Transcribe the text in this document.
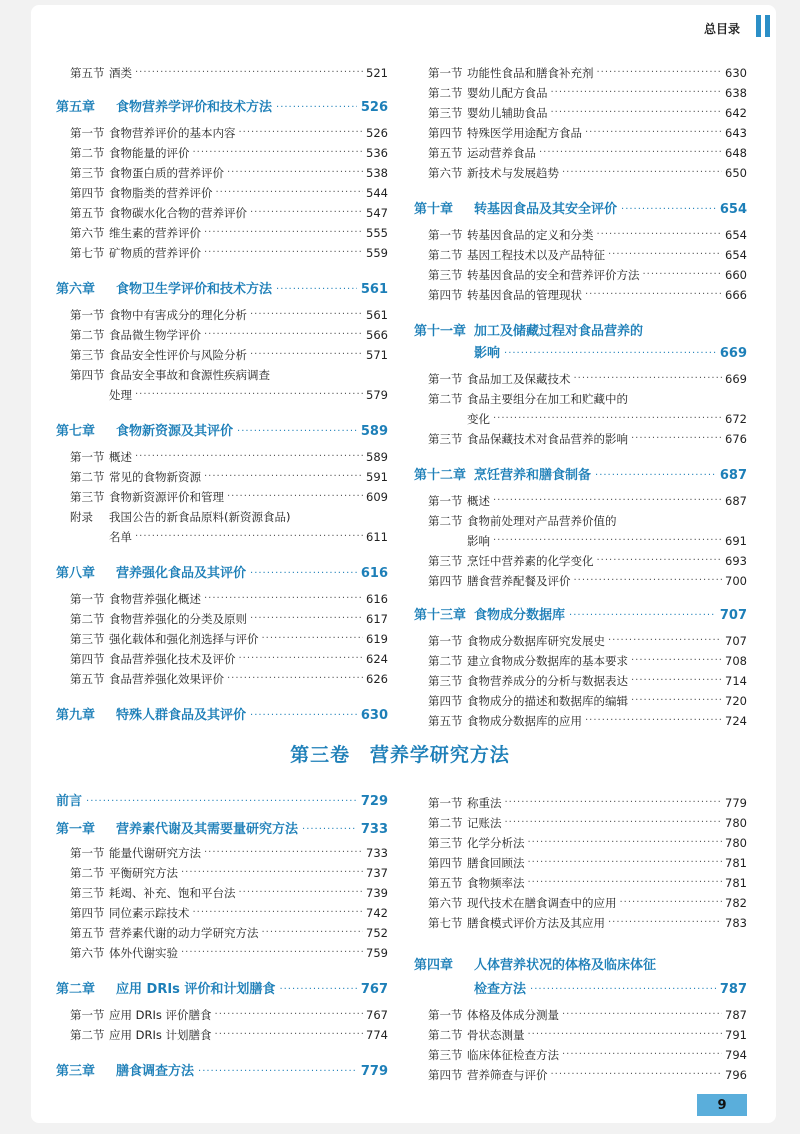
总目录
第五节 酒类 ·····	521
第五章	食物营养学评价和技术方法 ·····	526
第一节 食物营养评价的基本内容 ·····	526
第二节 食物能量的评价 ·····	536
第三节 食物蛋白质的营养评价 ·····	538
第四节 食物脂类的营养评价 ·····	544
第五节 食物碳水化合物的营养评价 ·····	547
第六节 维生素的营养评价 ·····	555
第七节 矿物质的营养评价 ·····	559
第六章	食物卫生学评价和技术方法 ·····	561
第一节 食物中有害成分的理化分析 ·····	561
第二节 食品微生物学评价 ·····	566
第三节 食品安全性评价与风险分析 ·····	571
第四节 食品安全事故和食源性疾病调查
处理 ·····	579
第七章	食物新资源及其评价 ·····	589
第一节 概述 ·····	589
第二节 常见的食物新资源 ·····	591
第三节 食物新资源评价和管理 ·····	609
附录	我国公告的新食品原料(新资源食品)
名单 ·····	611
第八章	营养强化食品及其评价 ·····	616
第一节 食物营养强化概述 ·····	616
第二节 食物营养强化的分类及原则 ·····	617
第三节 强化载体和强化剂选择与评价 ·····	619
第四节 食品营养强化技术及评价 ·····	624
第五节 食品营养强化效果评价 ·····	626
第九章	特殊人群食品及其评价 ·····	630
第一节 功能性食品和膳食补充剂 ·····	630
第二节 婴幼儿配方食品 ·····	638
第三节 婴幼儿辅助食品 ·····	642
第四节 特殊医学用途配方食品 ·····	643
第五节 运动营养食品 ·····	648
第六节 新技术与发展趋势 ·····	650
第十章	转基因食品及其安全评价 ·····	654
第一节 转基因食品的定义和分类 ·····	654
第二节 基因工程技术以及产品特征 ·····	654
第三节 转基因食品的安全和营养评价方法 ·····	660
第四节 转基因食品的管理现状 ·····	666
第十一章 加工及储藏过程对食品营养的
影响 ·····	669
第一节 食品加工及保藏技术 ·····	669
第二节 食品主要组分在加工和贮藏中的
变化 ·····	672
第三节 食品保藏技术对食品营养的影响 ·····	676
第十二章 烹饪营养和膳食制备 ·····	687
第一节 概述 ·····	687
第二节 食物前处理对产品营养价值的
影响 ·····	691
第三节 烹饪中营养素的化学变化 ·····	693
第四节 膳食营养配餐及评价 ·····	700
第十三章 食物成分数据库 ·····	707
第一节 食物成分数据库研究发展史 ·····	707
第二节 建立食物成分数据库的基本要求 ·····	708
第三节 食物营养成分的分析与数据表达 ·····	714
第四节 食物成分的描述和数据库的编辑 ·····	720
第五节 食物成分数据库的应用 ·····	724
第三卷 营养学研究方法
前言 ·····	729
第一章	营养素代谢及其需要量研究方法 ·····	733
第一节 能量代谢研究方法 ·····	733
第二节 平衡研究方法 ·····	737
第三节 耗竭、补充、饱和平台法 ·····	739
第四节 同位素示踪技术 ·····	742
第五节 营养素代谢的动力学研究方法 ·····	752
第六节 体外代谢实验 ·····	759
第二章	应用 DRIs 评价和计划膳食 ·····	767
第一节 应用 DRIs 评价膳食 ·····	767
第二节 应用 DRIs 计划膳食 ·····	774
第三章	膳食调查方法 ·····	779
第一节 称重法 ·····	779
第二节 记账法 ·····	780
第三节 化学分析法 ·····	780
第四节 膳食回顾法 ·····	781
第五节 食物频率法 ·····	781
第六节 现代技术在膳食调查中的应用 ·····	782
第七节 膳食模式评价方法及其应用 ·····	783
第四章	人体营养状况的体格及临床体征
检查方法 ·····	787
第一节 体格及体成分测量 ·····	787
第二节 骨状态测量 ·····	791
第三节 临床体征检查方法 ·····	794
第四节 营养筛查与评价 ·····	796
9
